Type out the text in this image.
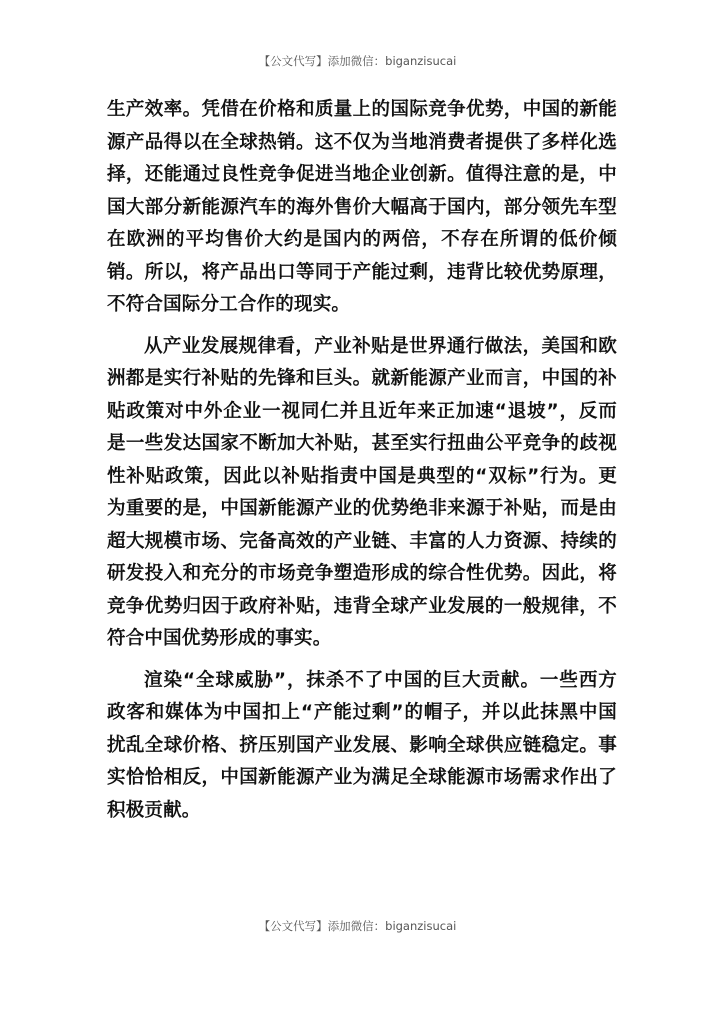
【公文代写】添加微信：biganzisucai

生产效率。凭借在价格和质量上的国际竞争优势，中国的新能源产品得以在全球热销。这不仅为当地消费者提供了多样化选择，还能通过良性竞争促进当地企业创新。值得注意的是，中国大部分新能源汽车的海外售价大幅高于国内，部分领先车型在欧洲的平均售价大约是国内的两倍，不存在所谓的低价倾销。所以，将产品出口等同于产能过剩，违背比较优势原理，不符合国际分工合作的现实。

从产业发展规律看，产业补贴是世界通行做法，美国和欧洲都是实行补贴的先锋和巨头。就新能源产业而言，中国的补贴政策对中外企业一视同仁并且近年来正加速“退坡”，反而是一些发达国家不断加大补贴，甚至实行扭曲公平竞争的歧视性补贴政策，因此以补贴指责中国是典型的“双标”行为。更为重要的是，中国新能源产业的优势绝非来源于补贴，而是由超大规模市场、完备高效的产业链、丰富的人力资源、持续的研发投入和充分的市场竞争塑造形成的综合性优势。因此，将竞争优势归因于政府补贴，违背全球产业发展的一般规律，不符合中国优势形成的事实。

渲染“全球威胁”，抹杀不了中国的巨大贡献。一些西方政客和媒体为中国扣上“产能过剩”的帽子，并以此抹黑中国扰乱全球价格、挤压别国产业发展、影响全球供应链稳定。事实恰恰相反，中国新能源产业为满足全球能源市场需求作出了积极贡献。

【公文代写】添加微信：biganzisucai
